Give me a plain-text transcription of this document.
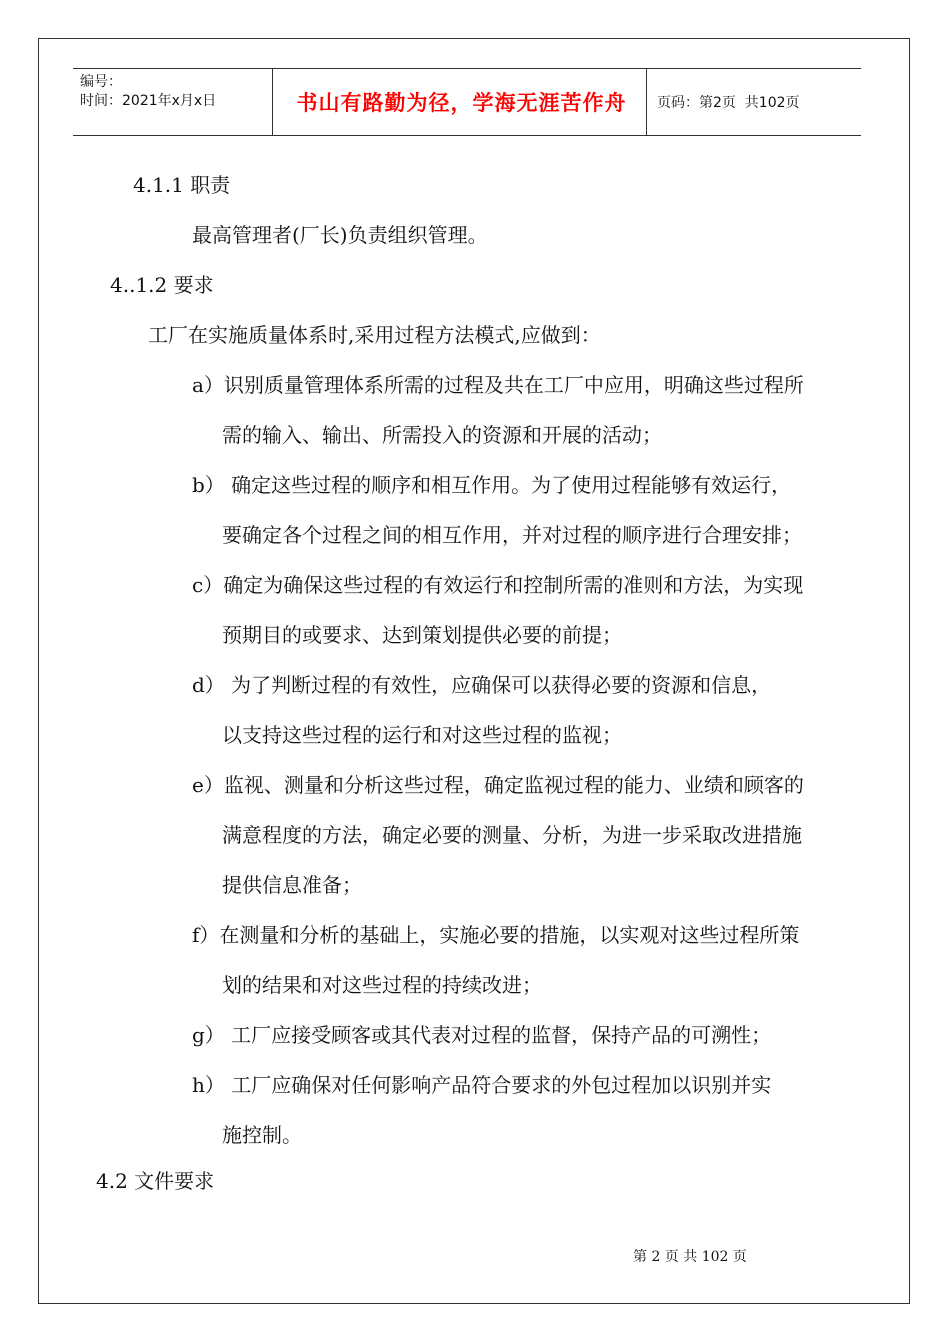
编号：
时间：2021年x月x日	书山有路勤为径，学海无涯苦作舟	页码：第2页  共102页
4.1.1 职责
最高管理者(厂长)负责组织管理。
4..1.2 要求
工厂在实施质量体系时,采用过程方法模式,应做到：
a）识别质量管理体系所需的过程及共在工厂中应用，明确这些过程所
需的输入、输出、所需投入的资源和开展的活动；
b） 确定这些过程的顺序和相互作用。为了使用过程能够有效运行，
要确定各个过程之间的相互作用，并对过程的顺序进行合理安排；
c）确定为确保这些过程的有效运行和控制所需的准则和方法，为实现
预期目的或要求、达到策划提供必要的前提；
d） 为了判断过程的有效性，应确保可以获得必要的资源和信息，
以支持这些过程的运行和对这些过程的监视；
e）监视、测量和分析这些过程，确定监视过程的能力、业绩和顾客的
满意程度的方法，确定必要的测量、分析，为进一步采取改进措施
提供信息准备；
f）在测量和分析的基础上，实施必要的措施，以实观对这些过程所策
划的结果和对这些过程的持续改进；
g） 工厂应接受顾客或其代表对过程的监督，保持产品的可溯性；
h） 工厂应确保对任何影响产品符合要求的外包过程加以识别并实
施控制。
4.2 文件要求
第 2 页 共 102 页
